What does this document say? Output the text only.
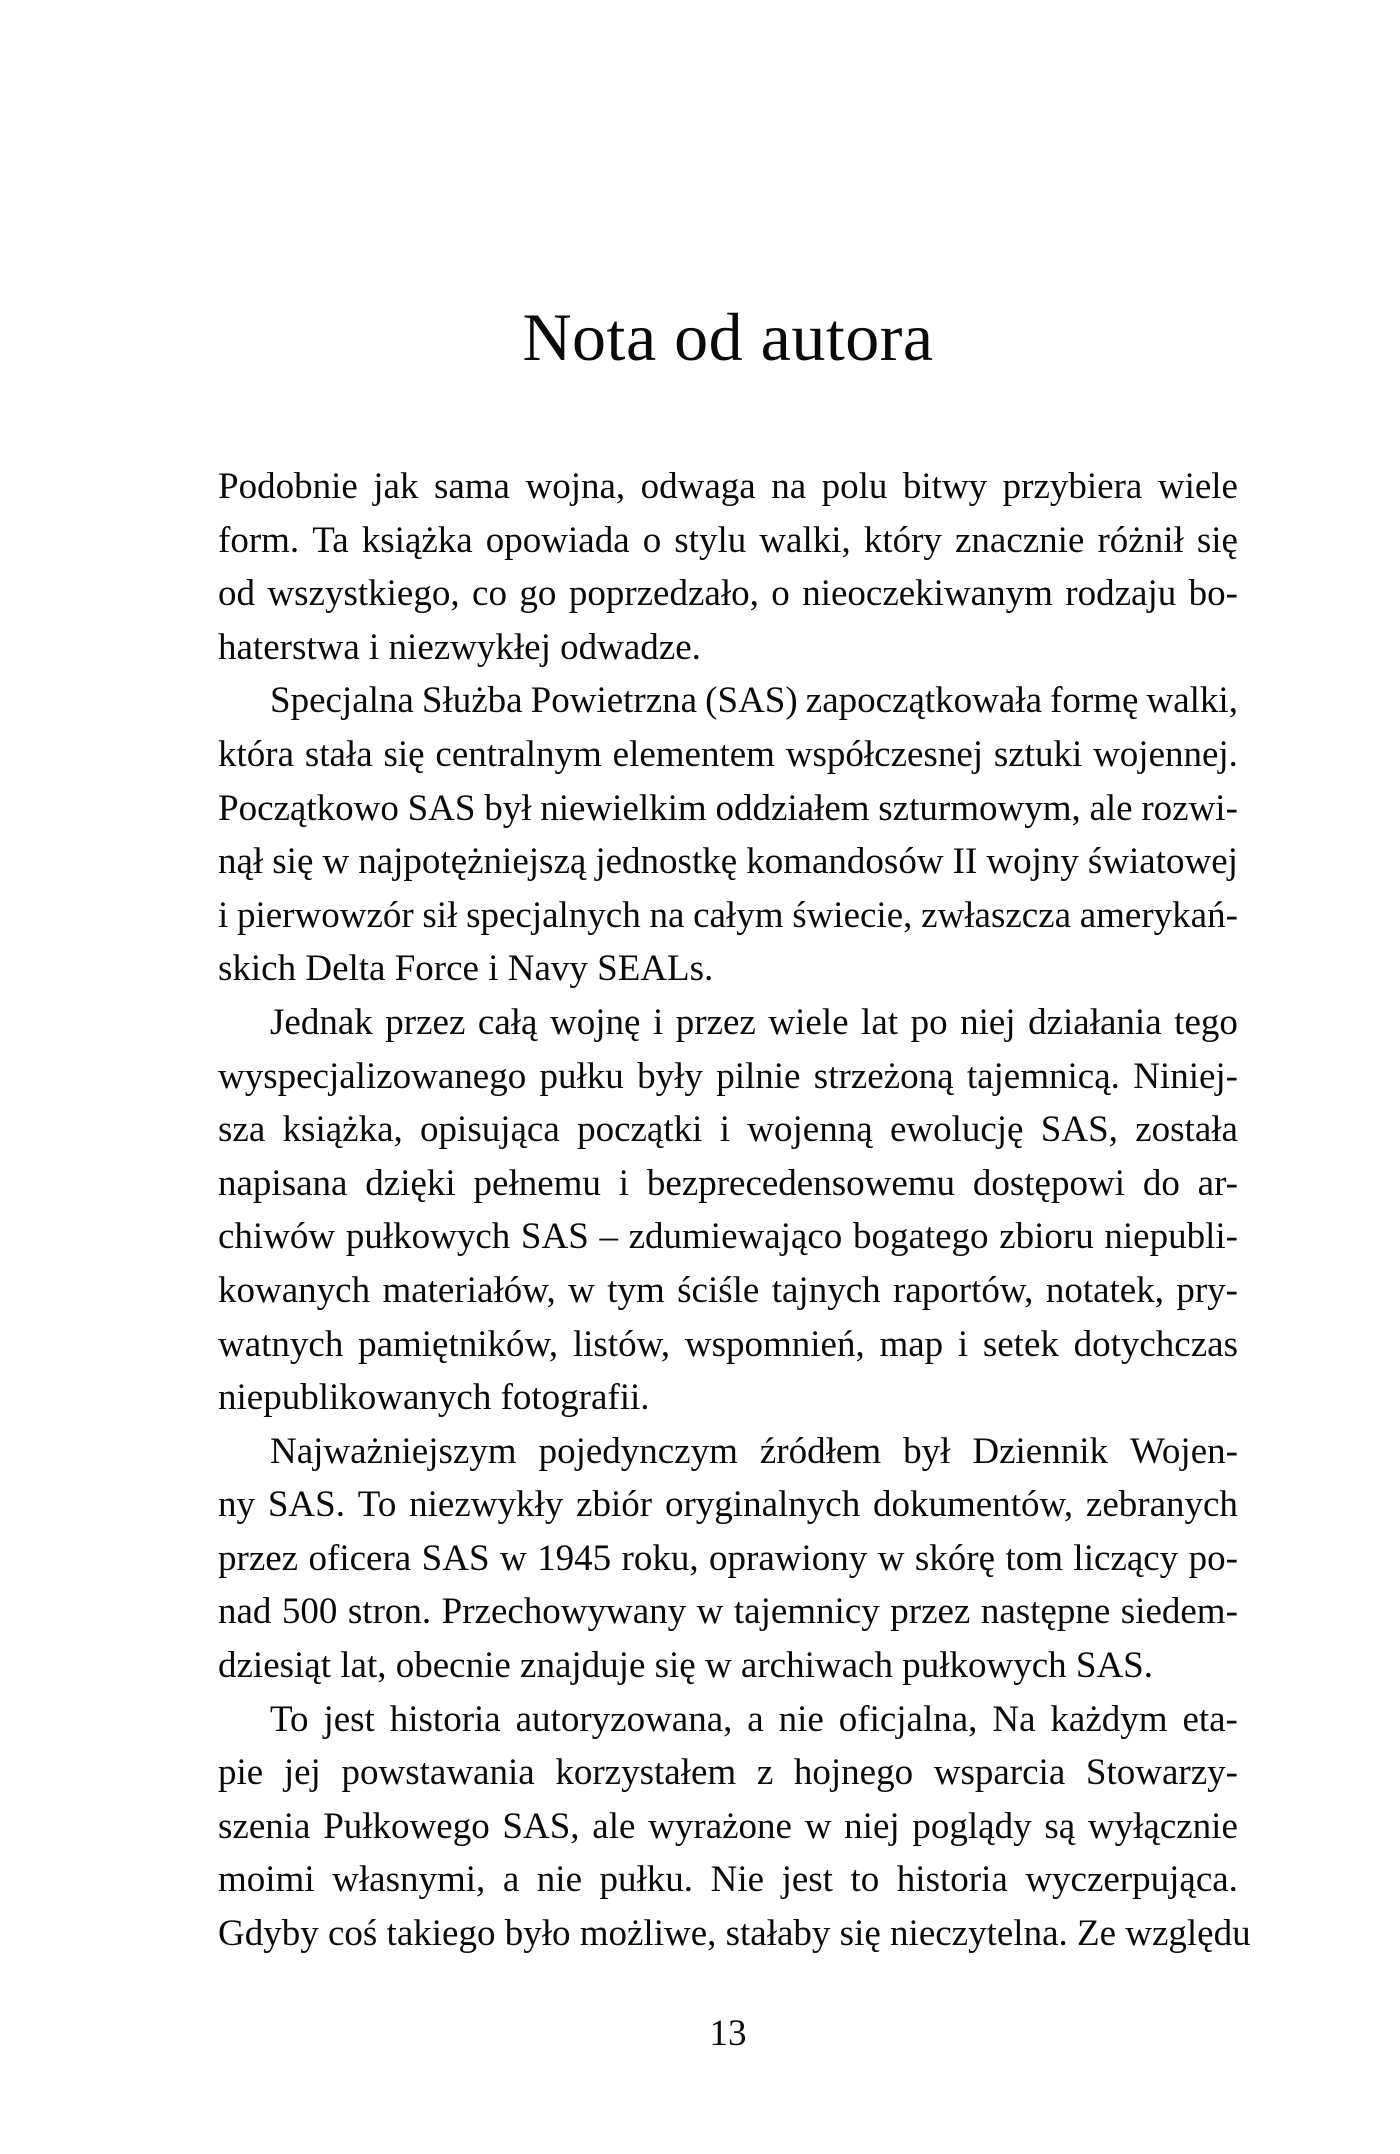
Nota od autora
Podobnie jak sama wojna, odwaga na polu bitwy przybiera wiele
form. Ta książka opowiada o stylu walki, który znacznie różnił się
od wszystkiego, co go poprzedzało, o nieoczekiwanym rodzaju bo-
haterstwa i niezwykłej odwadze.
Specjalna Służba Powietrzna (SAS) zapoczątkowała formę walki,
która stała się centralnym elementem współczesnej sztuki wojennej.
Początkowo SAS był niewielkim oddziałem szturmowym, ale rozwi-
nął się w najpotężniejszą jednostkę komandosów II wojny światowej
i pierwowzór sił specjalnych na całym świecie, zwłaszcza amerykań-
skich Delta Force i Navy SEALs.
Jednak przez całą wojnę i przez wiele lat po niej działania tego
wyspecjalizowanego pułku były pilnie strzeżoną tajemnicą. Niniej-
sza książka, opisująca początki i wojenną ewolucję SAS, została
napisana dzięki pełnemu i bezprecedensowemu dostępowi do ar-
chiwów pułkowych SAS – zdumiewająco bogatego zbioru niepubli-
kowanych materiałów, w tym ściśle tajnych raportów, notatek, pry-
watnych pamiętników, listów, wspomnień, map i setek dotychczas
niepublikowanych fotografii.
Najważniejszym pojedynczym źródłem był Dziennik Wojen-
ny SAS. To niezwykły zbiór oryginalnych dokumentów, zebranych
przez oficera SAS w 1945 roku, oprawiony w skórę tom liczący po-
nad 500 stron. Przechowywany w tajemnicy przez następne siedem-
dziesiąt lat, obecnie znajduje się w archiwach pułkowych SAS.
To jest historia autoryzowana, a nie oficjalna, Na każdym eta-
pie jej powstawania korzystałem z hojnego wsparcia Stowarzy-
szenia Pułkowego SAS, ale wyrażone w niej poglądy są wyłącznie
moimi własnymi, a nie pułku. Nie jest to historia wyczerpująca.
Gdyby coś takiego było możliwe, stałaby się nieczytelna. Ze względu
13
